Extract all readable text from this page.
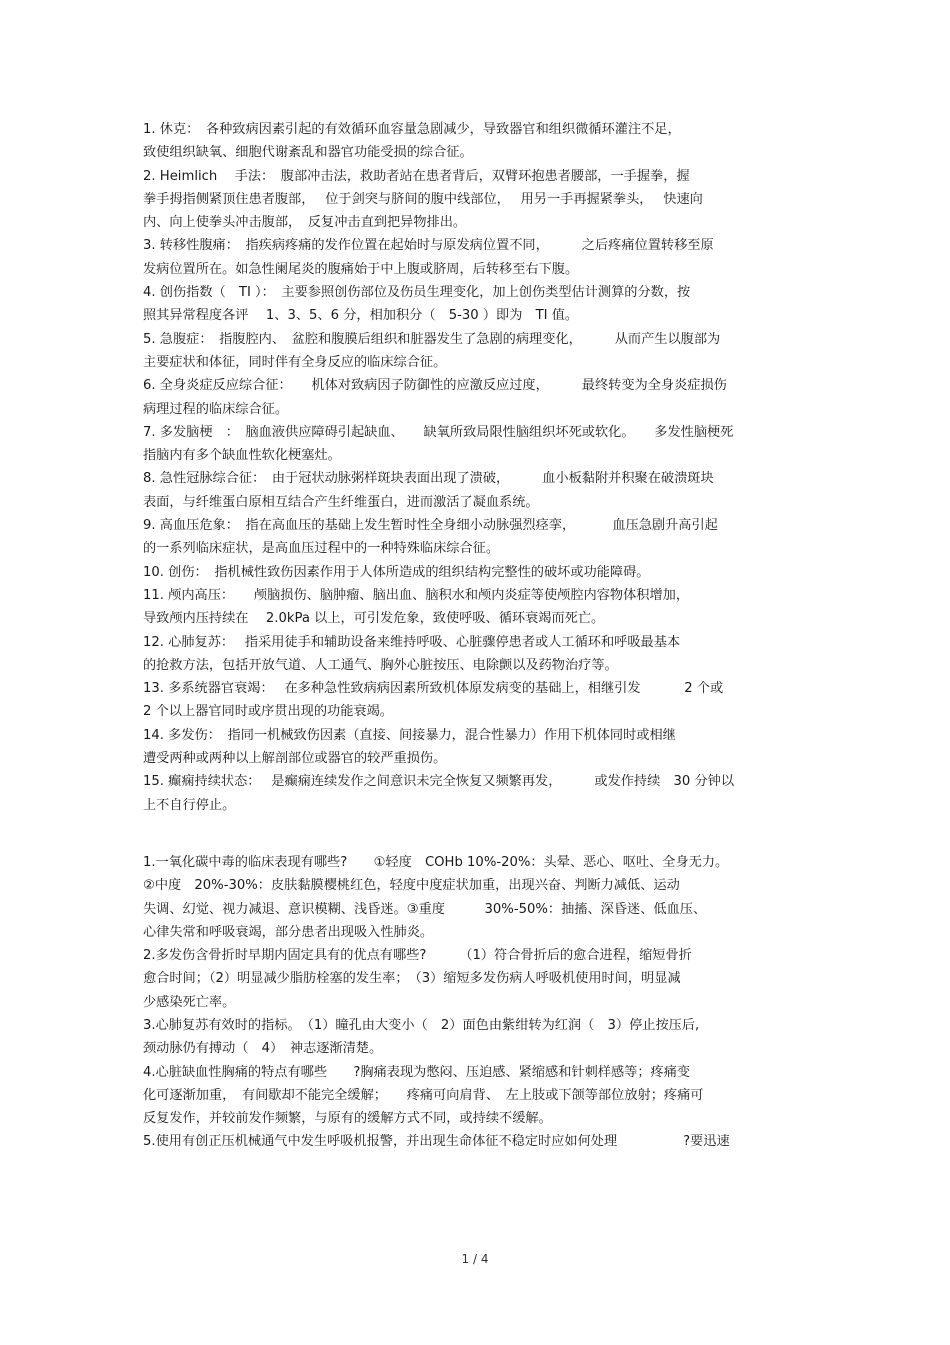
1. 休克：　各种致病因素引起的有效循环血容量急剧减少，导致器官和组织微循环灌注不足，
致使组织缺氧、细胞代谢紊乱和器官功能受损的综合征。
2. Heimlich　 手法：　腹部冲击法，救助者站在患者背后，双臂环抱患者腰部，一手握拳，握
拳手拇指侧紧顶住患者腹部，　 位于剑突与脐间的腹中线部位，　 用另一手再握紧拳头，　 快速向
内、向上使拳头冲击腹部，　反复冲击直到把异物排出。
3. 转移性腹痛：　指疾病疼痛的发作位置在起始时与原发病位置不同，　　　之后疼痛位置转移至原
发病位置所在。如急性阑尾炎的腹痛始于中上腹或脐周，后转移至右下腹。
4. 创伤指数（　TI ）：　主要参照创伤部位及伤员生理变化，加上创伤类型估计测算的分数，按
照其异常程度各评　 1、3、5、6 分，相加积分（　5-30 ）即为　TI 值。
5. 急腹症：　指腹腔内、　盆腔和腹膜后组织和脏器发生了急剧的病理变化，　　　从而产生以腹部为
主要症状和体征，同时伴有全身反应的临床综合征。
6. 全身炎症反应综合征：　　机体对致病因子防御性的应激反应过度，　　　最终转变为全身炎症损伤
病理过程的临床综合征。
7. 多发脑梗　：　脑血液供应障碍引起缺血、　　缺氧所致局限性脑组织坏死或软化。　　多发性脑梗死
指脑内有多个缺血性软化梗塞灶。
8. 急性冠脉综合征：　由于冠状动脉粥样斑块表面出现了溃破，　　　血小板黏附并积聚在破溃斑块
表面，与纤维蛋白原相互结合产生纤维蛋白，进而激活了凝血系统。
9. 高血压危象：　指在高血压的基础上发生暂时性全身细小动脉强烈痉挛，　　　 血压急剧升高引起
的一系列临床症状，是高血压过程中的一种特殊临床综合征。
10. 创伤：　指机械性致伤因素作用于人体所造成的组织结构完整性的破坏或功能障碍。
11. 颅内高压：　　颅脑损伤、脑肿瘤、脑出血、脑积水和颅内炎症等使颅腔内容物体积增加，
导致颅内压持续在　 2.0kPa 以上，可引发危象，致使呼吸、循环衰竭而死亡。
12. 心肺复苏：　 指采用徒手和辅助设备来维持呼吸、心脏骤停患者或人工循环和呼吸最基本
的抢救方法，包括开放气道、人工通气、胸外心脏按压、电除颤以及药物治疗等。
13. 多系统器官衰竭：　 在多种急性致病病因素所致机体原发病变的基础上，相继引发　　　 2 个或
2 个以上器官同时或序贯出现的功能衰竭。
14. 多发伤：　指同一机械致伤因素（直接、间接暴力，混合性暴力）作用下机体同时或相继
遭受两种或两种以上解剖部位或器官的较严重损伤。
15. 癫痫持续状态：　 是癫痫连续发作之间意识未完全恢复又频繁再发，　　　或发作持续　30 分钟以
上不自行停止。
1.一氧化碳中毒的临床表现有哪些?　　①轻度　COHb 10%-20%：头晕、恶心、呕吐、全身无力。
②中度　20%-30%：皮肤黏膜樱桃红色，轻度中度症状加重，出现兴奋、判断力减低、运动
失调、幻觉、视力减退、意识模糊、浅昏迷。③重度　　　30%-50%：抽搐、深昏迷、低血压、
心律失常和呼吸衰竭，部分患者出现吸入性肺炎。
2.多发伤含骨折时早期内固定具有的优点有哪些?　　　（1）符合骨折后的愈合进程，缩短骨折
愈合时间；（2）明显减少脂肪栓塞的发生率；　（3）缩短多发伤病人呼吸机使用时间，明显减
少感染死亡率。
3.心肺复苏有效时的指标。　（1）瞳孔由大变小（　2）面色由紫绀转为红润（　3）停止按压后,
颈动脉仍有搏动（　4）　神志逐渐清楚。
4.心脏缺血性胸痛的特点有哪些　　?胸痛表现为憋闷、压迫感、紧缩感和针刺样感等；疼痛变
化可逐渐加重，　有间歇却不能完全缓解；　　疼痛可向肩背、　左上肢或下颌等部位放射；疼痛可
反复发作，并较前发作频繁，与原有的缓解方式不同，或持续不缓解。
5.使用有创正压机械通气中发生呼吸机报警，并出现生命体征不稳定时应如何处理　　　　　?要迅速
1 / 4
